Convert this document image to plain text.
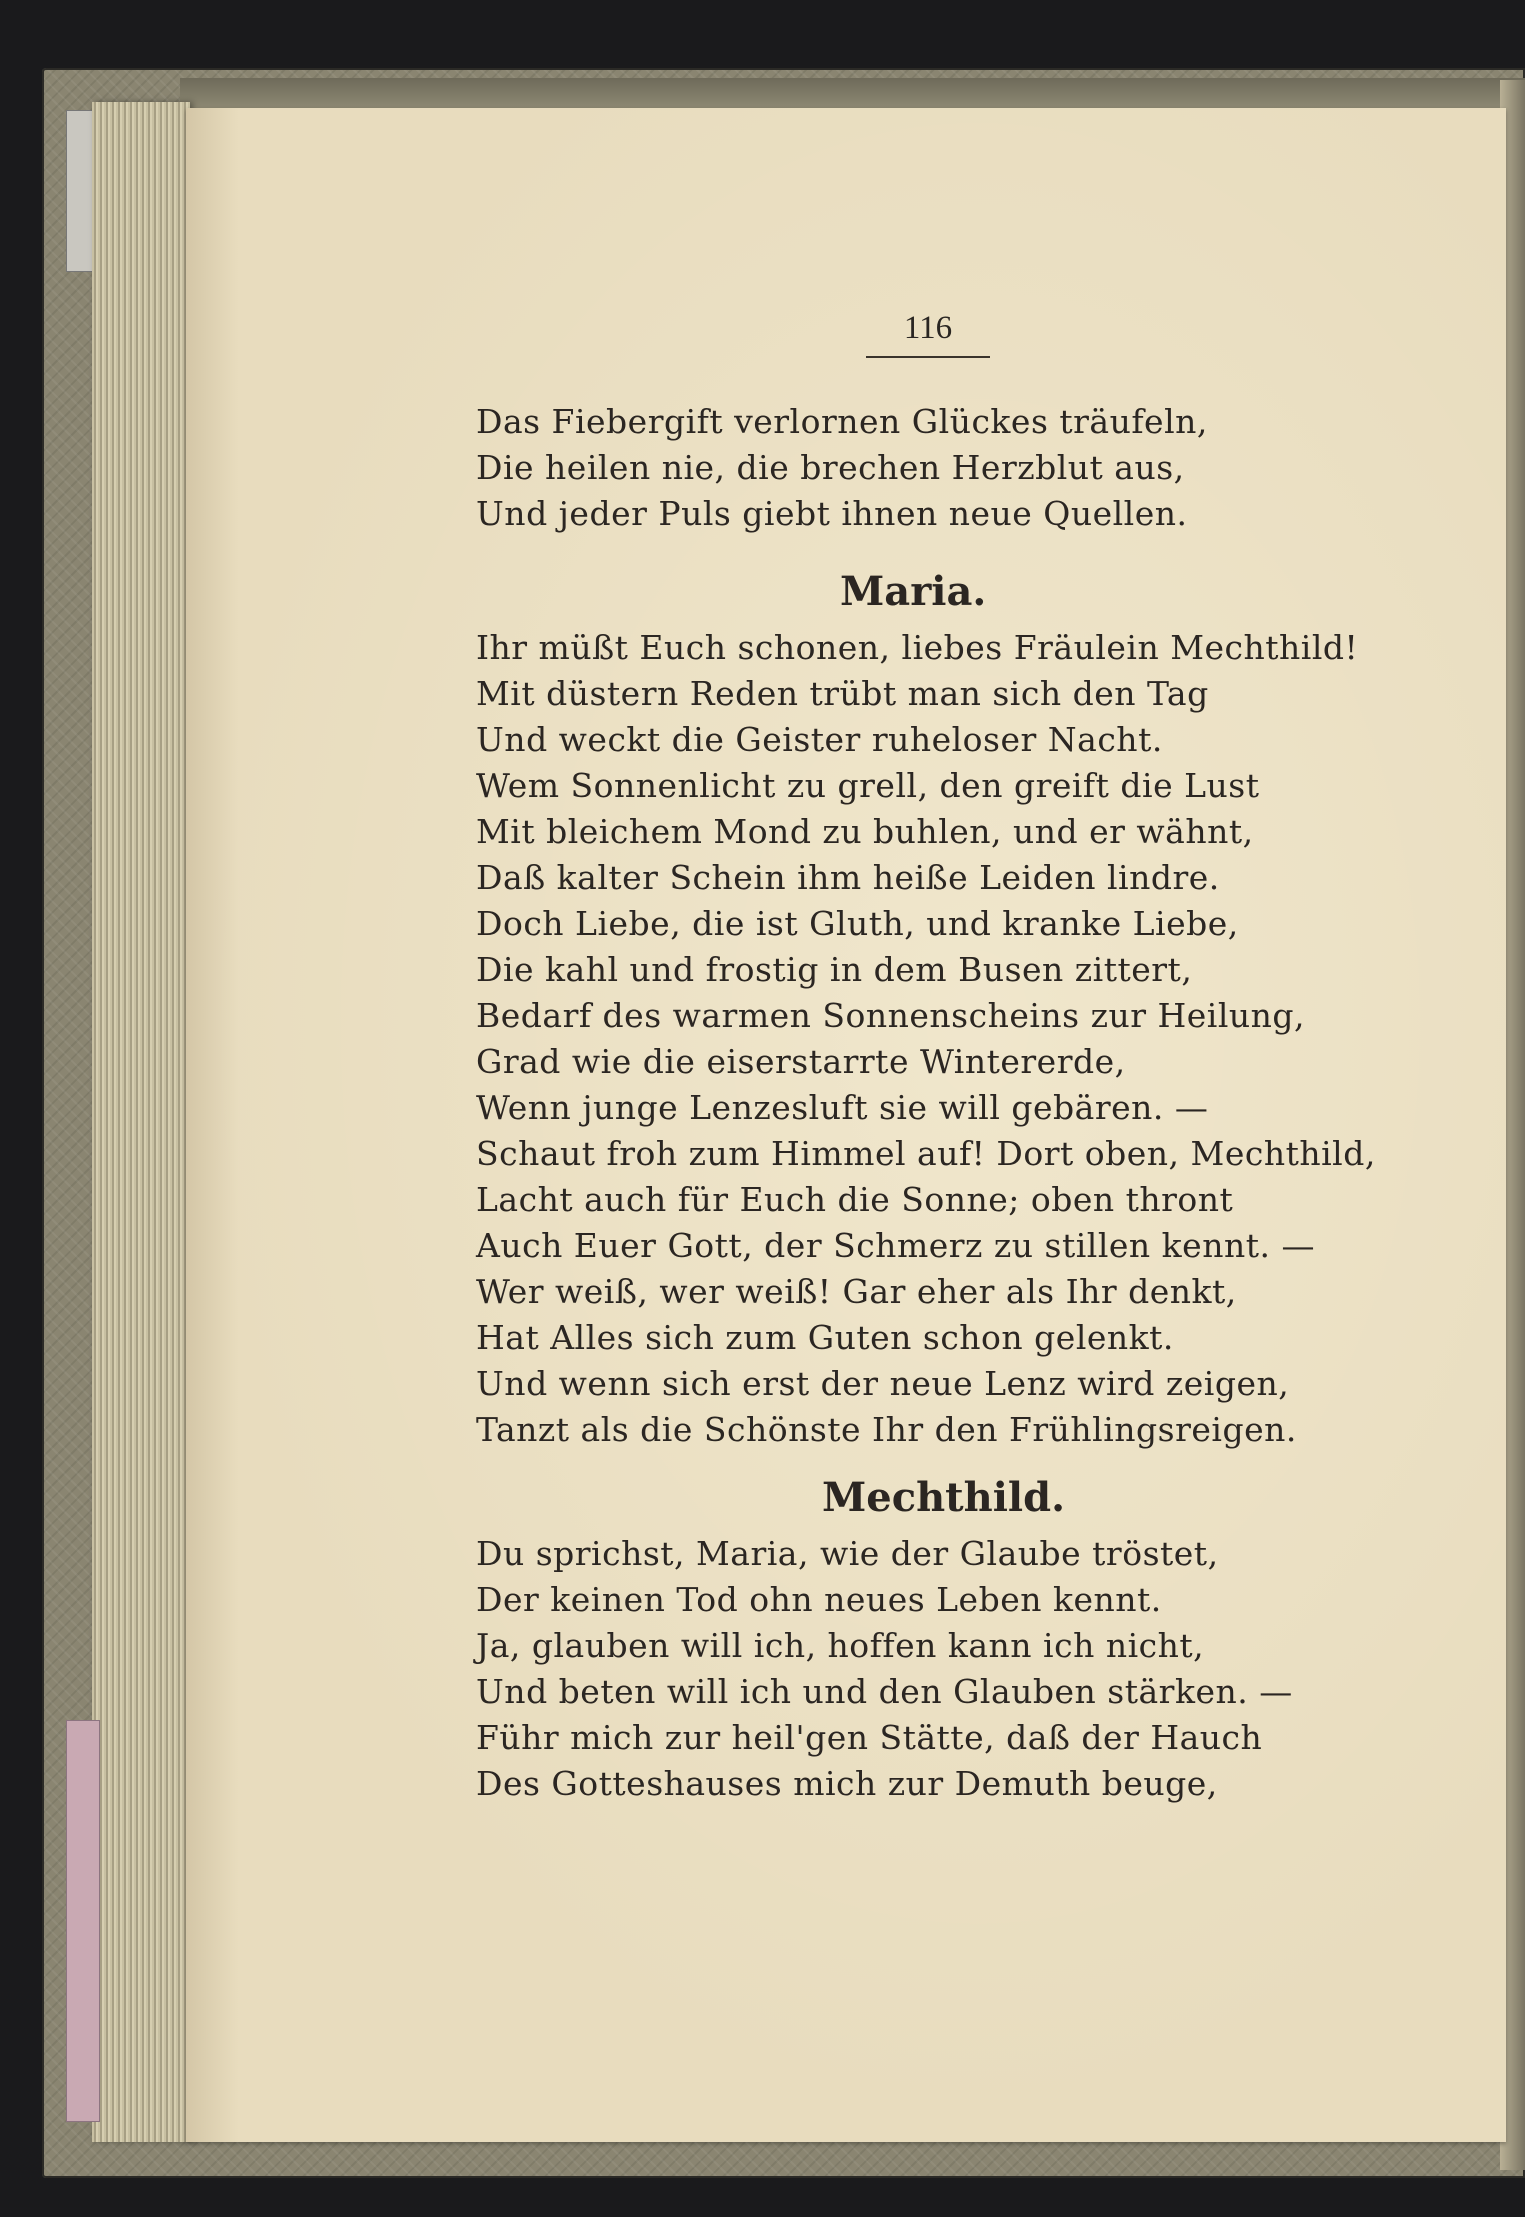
116
Das Fiebergift verlornen Glückes träufeln,
Die heilen nie, die brechen Herzblut aus,
Und jeder Puls giebt ihnen neue Quellen.
Maria.
Ihr müßt Euch schonen, liebes Fräulein Mechthild!
Mit düstern Reden trübt man sich den Tag
Und weckt die Geister ruheloser Nacht.
Wem Sonnenlicht zu grell, den greift die Lust
Mit bleichem Mond zu buhlen, und er wähnt,
Daß kalter Schein ihm heiße Leiden lindre.
Doch Liebe, die ist Gluth, und kranke Liebe,
Die kahl und frostig in dem Busen zittert,
Bedarf des warmen Sonnenscheins zur Heilung,
Grad wie die eiserstarrte Wintererde,
Wenn junge Lenzesluft sie will gebären. —
Schaut froh zum Himmel auf! Dort oben, Mechthild,
Lacht auch für Euch die Sonne; oben thront
Auch Euer Gott, der Schmerz zu stillen kennt. —
Wer weiß, wer weiß! Gar eher als Ihr denkt,
Hat Alles sich zum Guten schon gelenkt.
Und wenn sich erst der neue Lenz wird zeigen,
Tanzt als die Schönste Ihr den Frühlingsreigen.
Mechthild.
Du sprichst, Maria, wie der Glaube tröstet,
Der keinen Tod ohn neues Leben kennt.
Ja, glauben will ich, hoffen kann ich nicht,
Und beten will ich und den Glauben stärken. —
Führ mich zur heil'gen Stätte, daß der Hauch
Des Gotteshauses mich zur Demuth beuge,
